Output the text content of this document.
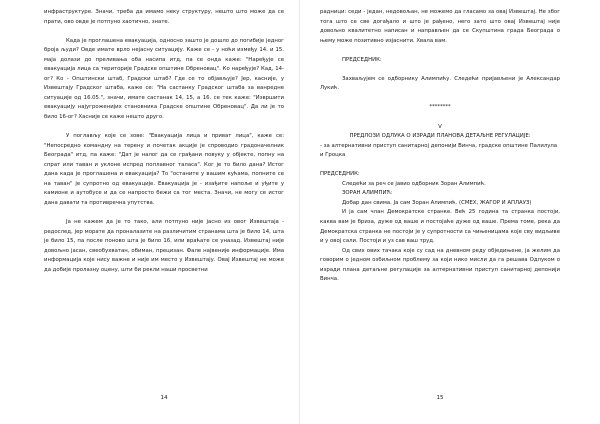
инфраструктуре. Значи, треба да имамо неку структуру, нешто што може да се прати, ово овде је потпуно хаотично, знате.

Када је проглашена евакуација, односно зашто је дошло до погибије једног броја људи? Овде имате врло нејасну ситуацију. Каже се - у ноћи између 14. и 15. маја долази до преливања оба насипа итд, па се онда каже: "Наређује се евакуација лица са територије Градске општине Обреновац". Ко наређује? Кад, 14-ог? Ко - Општински штаб, Градски штаб? Где се то објављује? Јер, касније, у Извештају Градског штаба, каже се: "На састанку Градског штаба за ванредне ситуације од 16.05.", значи, имате састанак 14, 15, а 16. се тек каже: "Извршити евакуацију најугроженијих становника Градске општине Обреновац". Да ли је то било 16-ог? Хасније се каже нешто друго.

У поглављу које се зове: "Евакуација лица и приват лица", каже се: "Непосредно командну на терену и почетак акције је спроводио градоначелник Београда" итд, па каже: "Дат је налог да се грађани повуку у објекте, попну на спрат или таван и уклоне испред поплавног таласа". Ког је то било дана? Истог дана када је проглашена и евакуација? То "останите у вашим кућама, попните се на таван" је супротно од евакуације. Евакуација је - изађите напоље и уђите у камионе и аутобусе и да се напросто бежи са тог места. Значи, не могу се истог дана давати та противречна упутства.

Ја не кажем да је то тако, али потпуно није јасно из овог Извештаја - редослед, јер морате да проналазите на различитим странама шта је било 14, шта је било 15, па после поново шта је било 16. или враћате се уназад. Извештај није довољно јасан, свеобухватан, обиман, прецизан. Фале највеније информације. Има информација које нису важне и није им место у Извештају. Овај Извештај не може да добије пролазну оцену, шти би рекли наши просветни

14

радници: седи - један, недовољан, не можемо да гласамо за овај Извештај. Не због тога што се све догађало и што је рађено, него зато што овај Извештај није довољно квалитетно написан и направљен да се Скупштина града Београда о њему може позитивно изјаснити. Хвала вам.

ПРЕДСЕДНИК:

Захваљујем се одборнику Алимпићу. Следећи пријављени је Александар Лукић.

********

V

ПРЕДЛОЗИ ОДЛУКА О ИЗРАДИ ПЛАНОВА ДЕТАЉНЕ РЕГУЛАЦИЈЕ:

- за алтернативни приступ санитарној депонији Винча, градске општине Палилула и Гроцка

ПРЕДСЕДНИК:

Следећи за реч се јавио одборник Зоран Алимпић.

ЗОРАН АЛИМПИЋ:

Добар дан свима. Ја сам Зоран Алимпић. (СМЕХ, ЖАГОР И АПЛАУЗ)

И ја сам члан Демократске странке. Већ 25 година та странка постоји, каква вам је бриза, дуже од ваше и постојаће дуже од ваше. Према томе, река да Демократска странка не постоји је у супротности са чињеницама које сву видљиве и у овој сали. Постоји и уз сав ваш труд.

Од свих ових тачака које су сад на дневном реду обједињене, ја желим да говорим о једном озбиљном проблему за који нико мисли да га решава Одлуком о изради плана детаљне регулације за алтернативни приступ санитарној депонији Винча.

15
